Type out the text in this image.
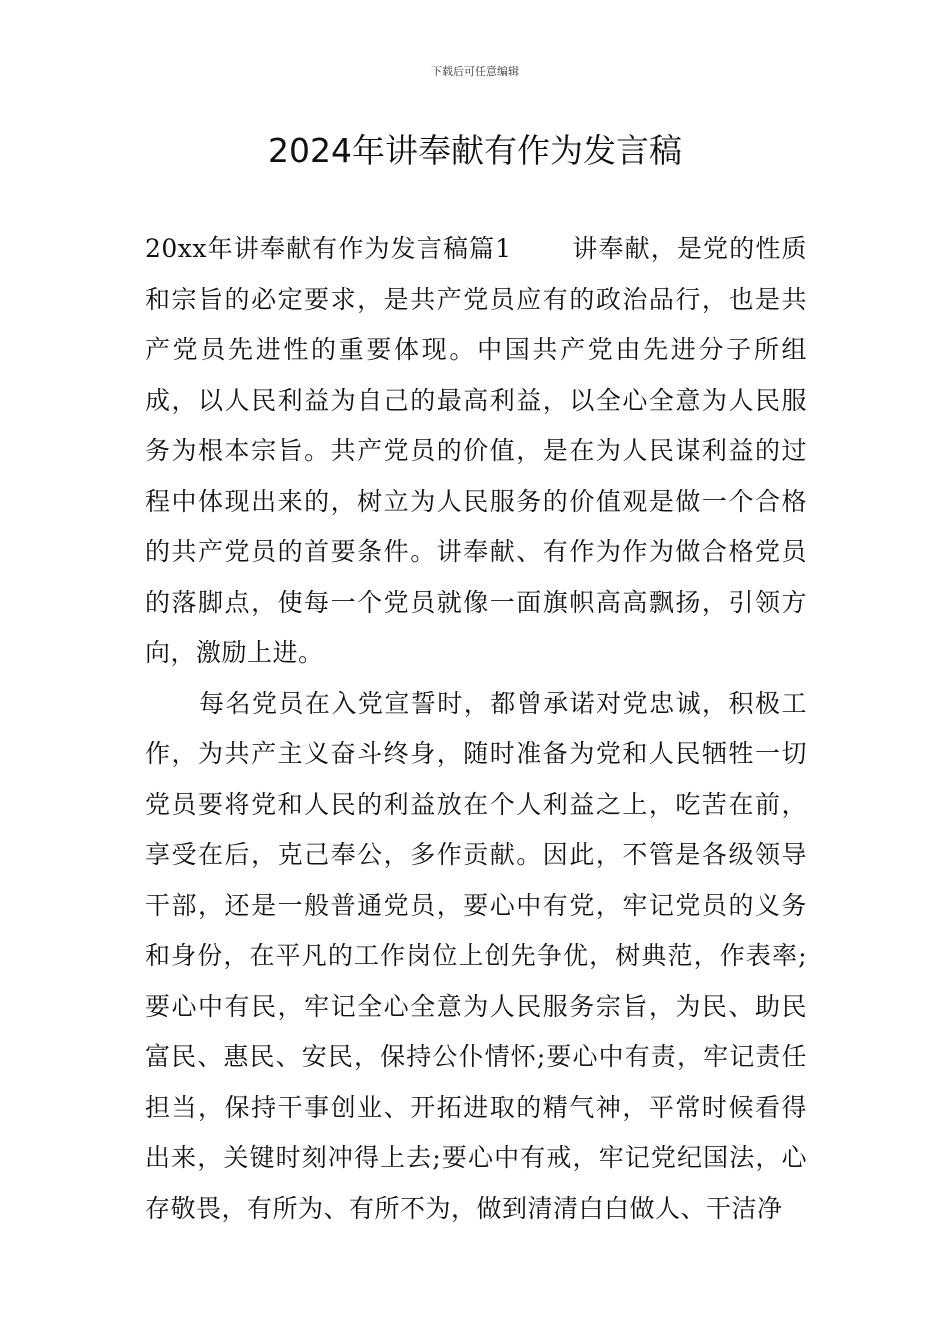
下载后可任意编辑
2024年讲奉献有作为发言稿

20xx年讲奉献有作为发言稿篇1 讲奉献，是党的性质和宗旨的必定要求，是共产党员应有的政治品行，也是共产党员先进性的重要体现。中国共产党由先进分子所组成，以人民利益为自己的最高利益，以全心全意为人民服务为根本宗旨。共产党员的价值，是在为人民谋利益的过程中体现出来的，树立为人民服务的价值观是做一个合格的共产党员的首要条件。讲奉献、有作为作为做合格党员的落脚点，使每一个党员就像一面旗帜高高飘扬，引领方向，激励上进。

每名党员在入党宣誓时，都曾承诺对党忠诚，积极工作，为共产主义奋斗终身，随时准备为党和人民牺牲一切党员要将党和人民的利益放在个人利益之上，吃苦在前，享受在后，克己奉公，多作贡献。因此，不管是各级领导干部，还是一般普通党员，要心中有党，牢记党员的义务和身份，在平凡的工作岗位上创先争优，树典范，作表率;要心中有民，牢记全心全意为人民服务宗旨，为民、助民富民、惠民、安民，保持公仆情怀;要心中有责，牢记责任担当，保持干事创业、开拓进取的精气神，平常时候看得出来，关键时刻冲得上去;要心中有戒，牢记党纪国法，心存敬畏，有所为、有所不为，做到清清白白做人、干洁净
